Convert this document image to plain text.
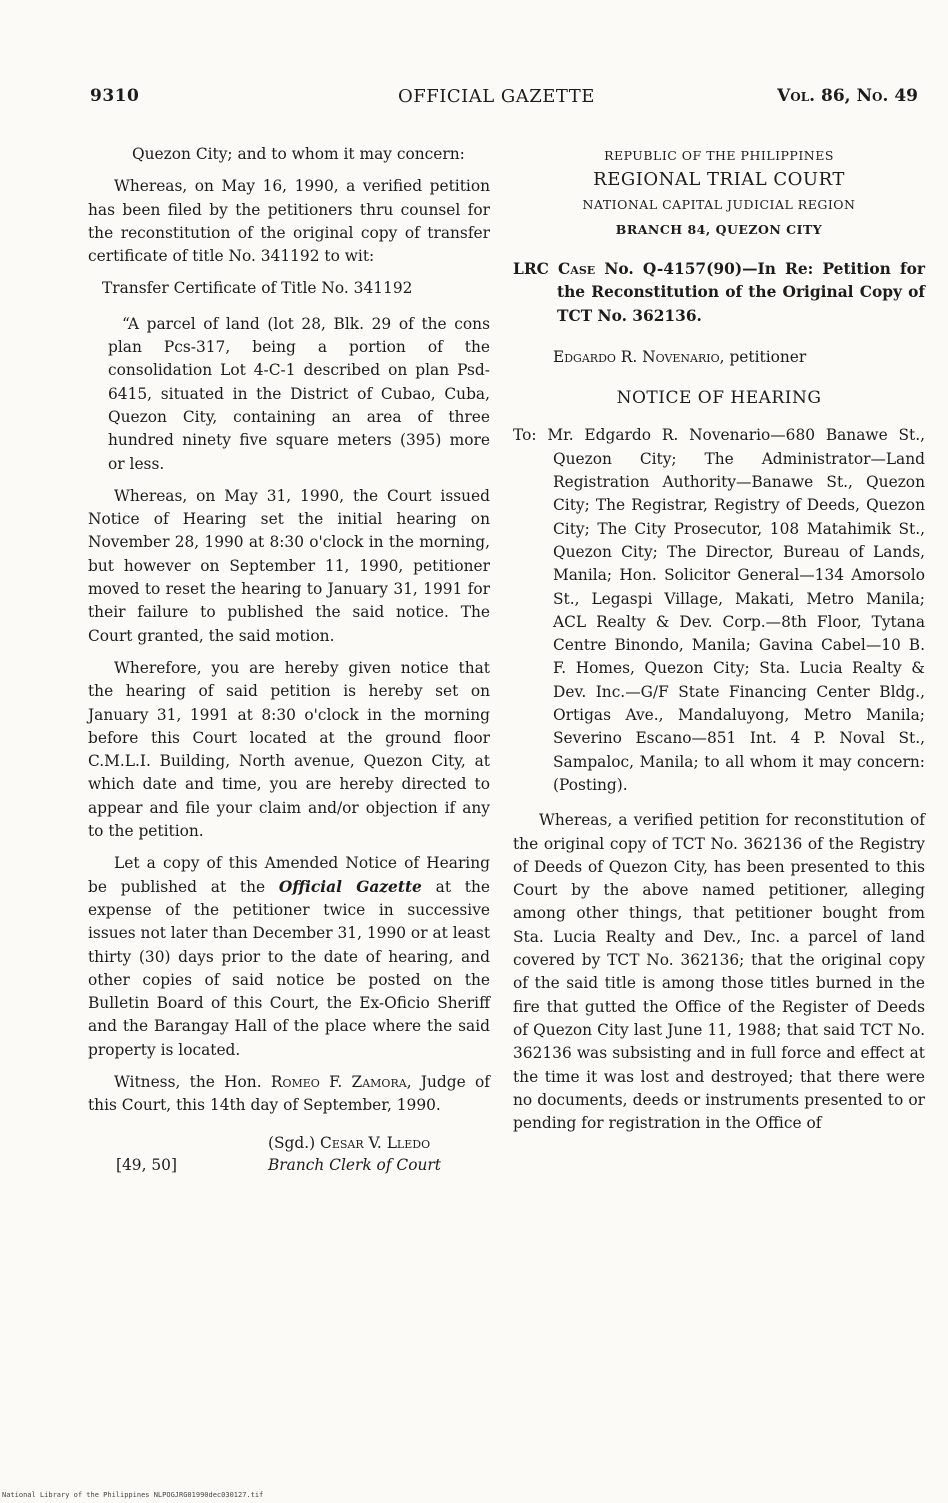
9310	OFFICIAL GAZETTE	Vol. 86, No. 49

Quezon City; and to whom it may concern:

Whereas, on May 16, 1990, a verified petition has been filed by the petitioners thru counsel for the reconstitution of the original copy of transfer certificate of title No. 341192 to wit:

Transfer Certificate of Title No. 341192

“A parcel of land (lot 28, Blk. 29 of the cons plan Pcs-317, being a portion of the consolidation Lot 4-C-1 described on plan Psd-6415, situated in the District of Cubao, Cuba, Quezon City, containing an area of three hundred ninety five square meters (395) more or less.

Whereas, on May 31, 1990, the Court issued Notice of Hearing set the initial hearing on November 28, 1990 at 8:30 o'clock in the morning, but however on September 11, 1990, petitioner moved to reset the hearing to January 31, 1991 for their failure to published the said notice. The Court granted, the said motion.

Wherefore, you are hereby given notice that the hearing of said petition is hereby set on January 31, 1991 at 8:30 o'clock in the morning before this Court located at the ground floor C.M.L.I. Building, North avenue, Quezon City, at which date and time, you are hereby directed to appear and file your claim and/or objection if any to the petition.

Let a copy of this Amended Notice of Hearing be published at the Official Gazette at the expense of the petitioner twice in successive issues not later than December 31, 1990 or at least thirty (30) days prior to the date of hearing, and other copies of said notice be posted on the Bulletin Board of this Court, the Ex-Oficio Sheriff and the Barangay Hall of the place where the said property is located.

Witness, the Hon. Romeo F. Zamora, Judge of this Court, this 14th day of September, 1990.

[49, 50]
(Sgd.) Cesar V. Lledo
Branch Clerk of Court

REPUBLIC OF THE PHILIPPINES
REGIONAL TRIAL COURT
NATIONAL CAPITAL JUDICIAL REGION
BRANCH 84, QUEZON CITY

LRC Case No. Q-4157(90)—In Re: Petition for the Reconstitution of the Original Copy of TCT No. 362136.

Edgardo R. Novenario, petitioner

NOTICE OF HEARING

To: Mr. Edgardo R. Novenario—680 Banawe St., Quezon City; The Administrator—Land Registration Authority—Banawe St., Quezon City; The Registrar, Registry of Deeds, Quezon City; The City Prosecutor, 108 Matahimik St., Quezon City; The Director, Bureau of Lands, Manila; Hon. Solicitor General—134 Amorsolo St., Legaspi Village, Makati, Metro Manila; ACL Realty & Dev. Corp.—8th Floor, Tytana Centre Binondo, Manila; Gavina Cabel—10 B. F. Homes, Quezon City; Sta. Lucia Realty & Dev. Inc.—G/F State Financing Center Bldg., Ortigas Ave., Mandaluyong, Metro Manila; Severino Escano—851 Int. 4 P. Noval St., Sampaloc, Manila; to all whom it may concern: (Posting).

Whereas, a verified petition for reconstitution of the original copy of TCT No. 362136 of the Registry of Deeds of Quezon City, has been presented to this Court by the above named petitioner, alleging among other things, that petitioner bought from Sta. Lucia Realty and Dev., Inc. a parcel of land covered by TCT No. 362136; that the original copy of the said title is among those titles burned in the fire that gutted the Office of the Register of Deeds of Quezon City last June 11, 1988; that said TCT No. 362136 was subsisting and in full force and effect at the time it was lost and destroyed; that there were no documents, deeds or instruments presented to or pending for registration in the Office of

National Library of the Philippines NLPOGJRG01990dec030127.tif
